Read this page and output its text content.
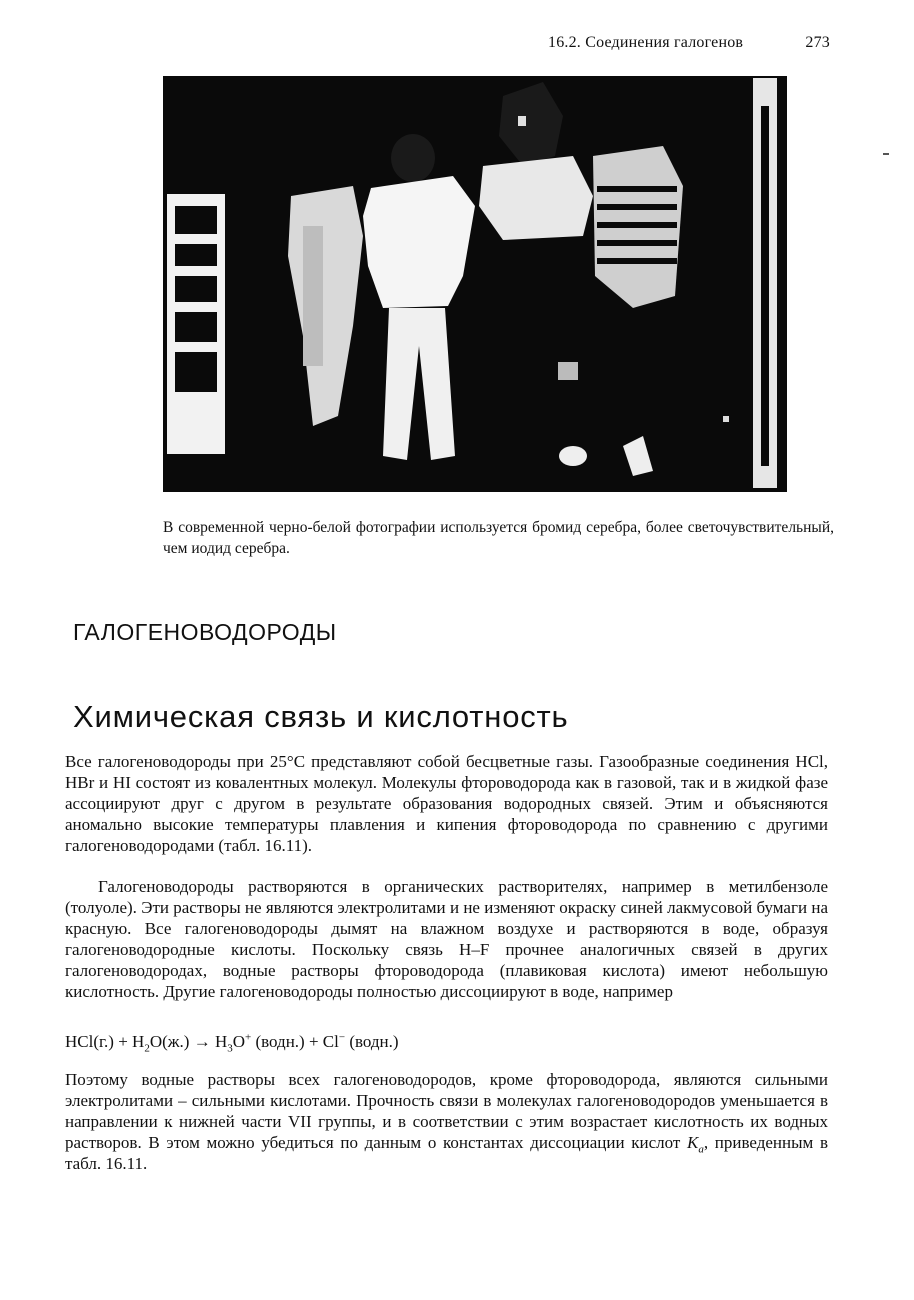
16.2. Соединения галогенов	273
В современной черно-белой фотографии используется бромид серебра, более светочувствительный, чем иодид серебра.
ГАЛОГЕНОВОДОРОДЫ
Химическая связь и кислотность

Все галогеноводороды при 25°С представляют собой бесцветные газы. Газообразные соединения HCl, HBr и HI состоят из ковалентных молекул. Молекулы фтороводорода как в газовой, так и в жидкой фазе ассоциируют друг с другом в результате образования водородных связей. Этим и объясняются аномально высокие температуры плавления и кипения фтороводорода по сравнению с другими галогеноводородами (табл. 16.11).

Галогеноводороды растворяются в органических растворителях, например в метилбензоле (толуоле). Эти растворы не являются электролитами и не изменяют окраску синей лакмусовой бумаги на красную. Все галогеноводороды дымят на влажном воздухе и растворяются в воде, образуя галогеноводородные кислоты. Поскольку связь H–F прочнее аналогичных связей в других галогеноводородах, водные растворы фтороводорода (плавиковая кислота) имеют небольшую кислотность. Другие галогеноводороды полностью диссоциируют в воде, например

$HCl(г.) + H_2O(ж.) \to H_3O^+$ (водн.) + Cl− (водн.)

Поэтому водные растворы всех галогеноводородов, кроме фтороводорода, являются сильными электролитами – сильными кислотами. Прочность связи в молекулах галогеноводородов уменьшается в направлении к нижней части VII группы, и в соответствии с этим возрастает кислотность их водных растворов. В этом можно убедиться по данным о константах диссоциации кислот $K_a$, приведенным в табл. 16.11.
